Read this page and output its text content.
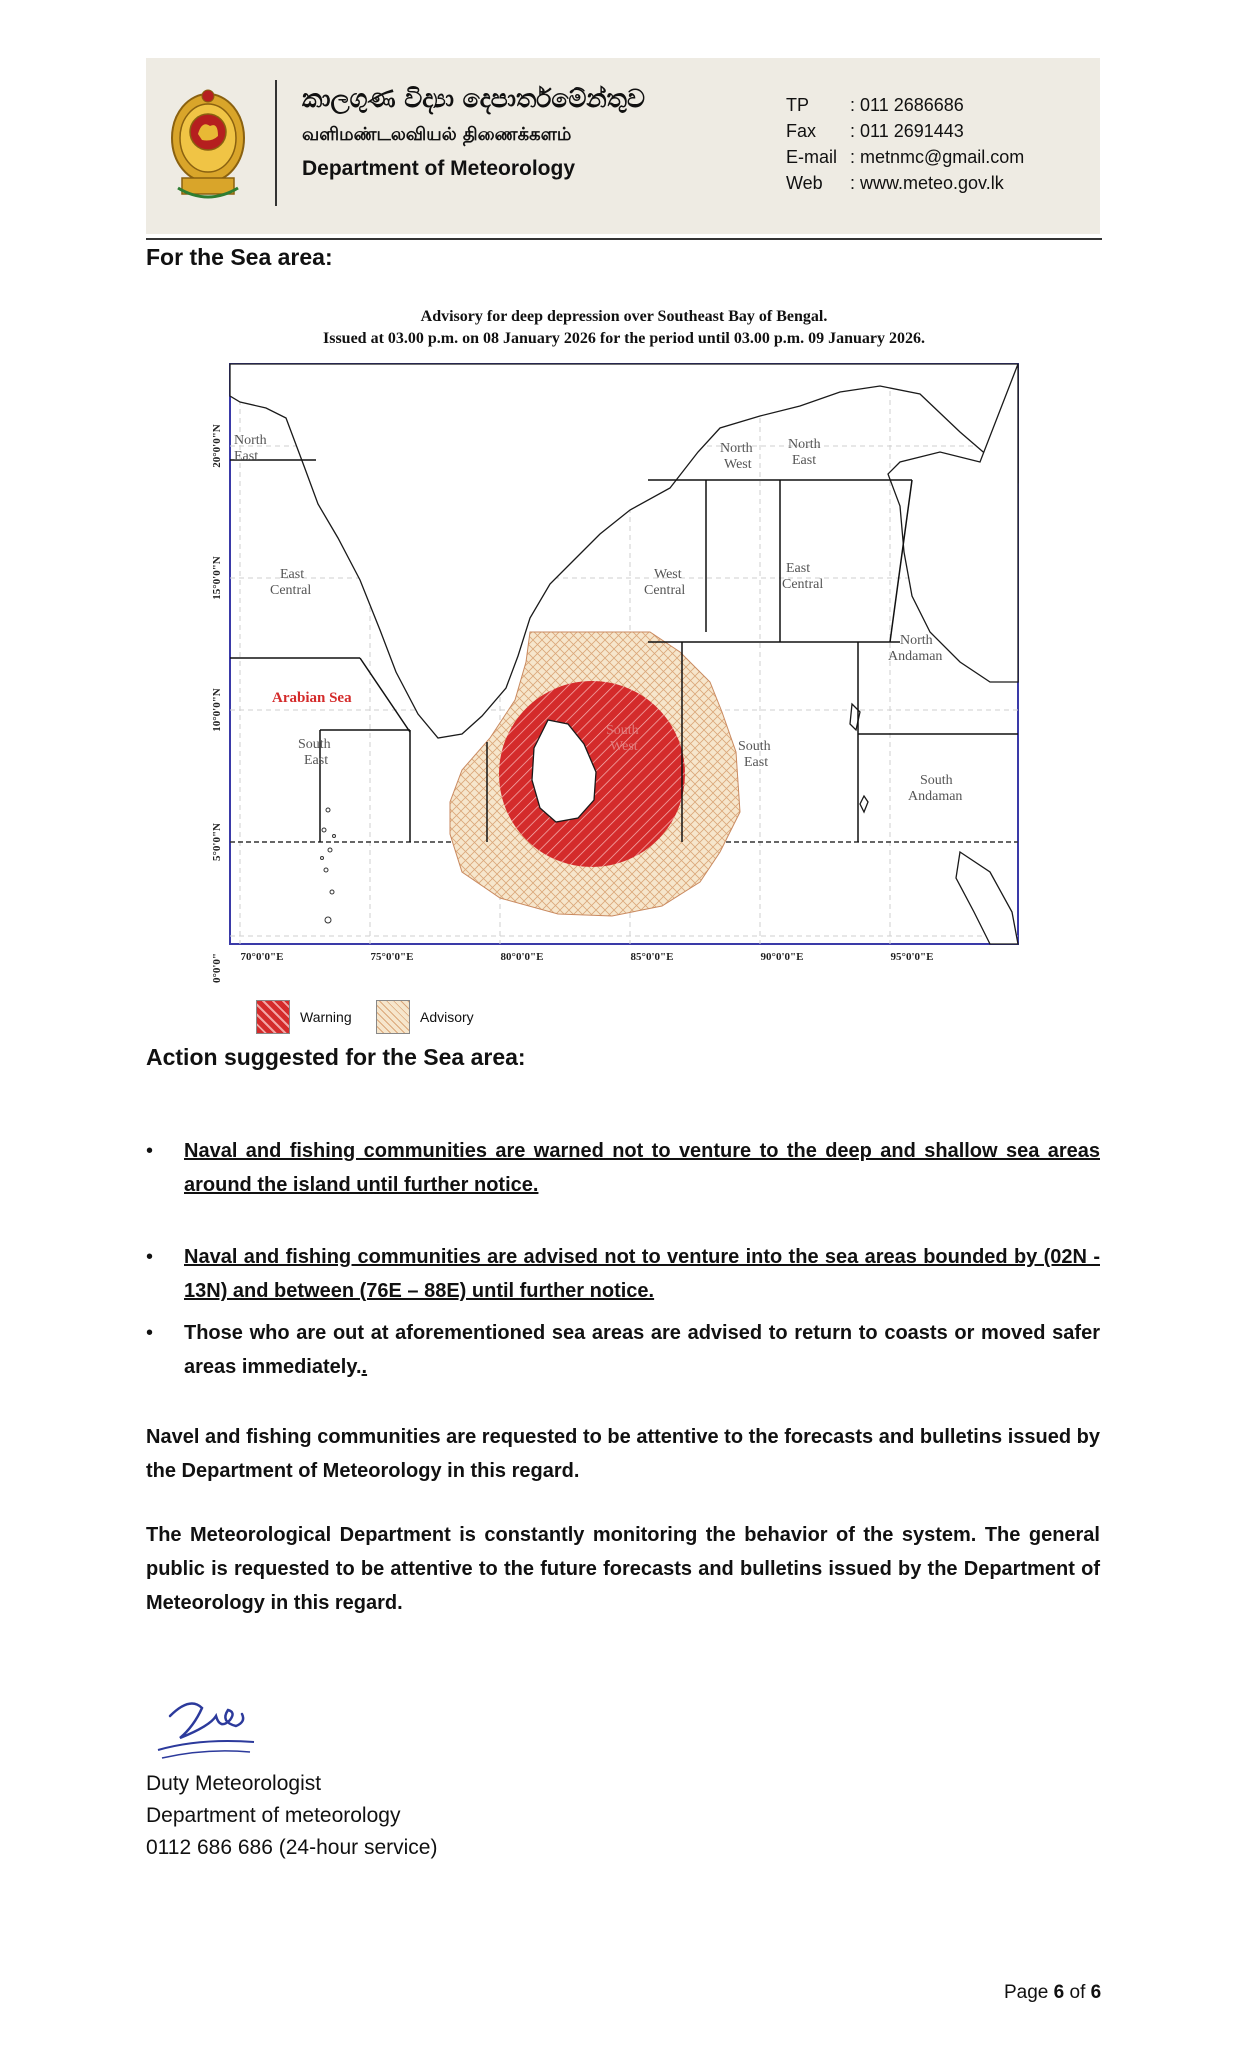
කාලගුණ විද්‍යා දෙපාර්තමේන්තුව
வளிமண்டலவியல் திணைக்களம்
Department of Meteorology
TP	: 011 2686686
Fax	: 011 2691443
E-mail : metnmc@gmail.com
Web	: www.meteo.gov.lk
For the Sea area:
Advisory for deep depression over Southeast Bay of Bengal.
Issued at 03.00 p.m. on 08 January 2026 for the period until 03.00 p.m. 09 January 2026.
North
East
East
Central
South
East
North
West
North
East
West
Central
East
Central
South
East
South
West
North
Andaman
South
Andaman
Arabian Sea
70°0'0"E	75°0'0"E	80°0'0"E	85°0'0"E	90°0'0"E	95°0'0"E
20°0'0"N
15°0'0"N
10°0'0"N
5°0'0"N
0°0'0"
Warning	Advisory
Action suggested for the Sea area:
•	Naval and fishing communities are warned not to venture to the deep and shallow sea areas around the island until further notice.
•	Naval and fishing communities are advised not to venture into the sea areas bounded by (02N - 13N) and between (76E – 88E) until further notice.
•	Those who are out at aforementioned sea areas are advised to return to coasts or moved safer areas immediately..
Navel and fishing communities are requested to be attentive to the forecasts and bulletins issued by the Department of Meteorology in this regard.
The Meteorological Department is constantly monitoring the behavior of the system. The general public is requested to be attentive to the future forecasts and bulletins issued by the Department of Meteorology in this regard.
Duty Meteorologist
Department of meteorology
0112 686 686 (24-hour service)
Page 6 of 6
